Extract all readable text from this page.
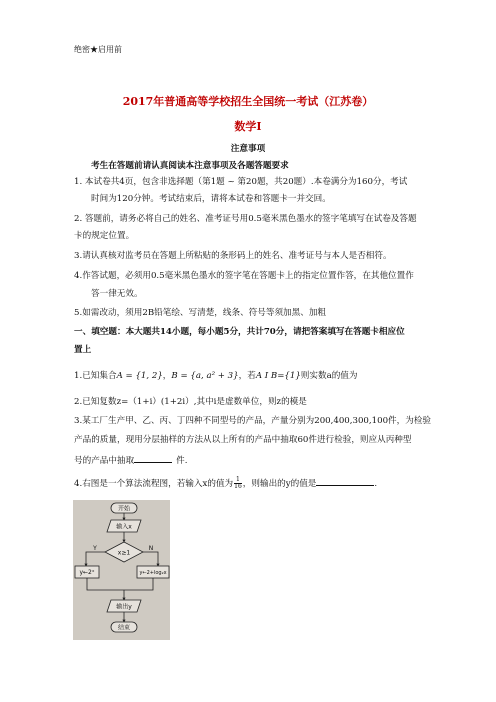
绝密★启用前
2017年普通高等学校招生全国统一考试（江苏卷）
数学Ⅰ
注意事项
考生在答题前请认真阅读本注意事项及各题答题要求
1. 本试卷共4页，包含非选择题（第1题 ~ 第20题，共20题）.本卷满分为160分，考试
时间为120分钟。考试结束后，请将本试卷和答题卡一并交回。
2. 答题前，请务必将自己的姓名、准考证号用0.5毫米黑色墨水的签字笔填写在试卷及答题
卡的规定位置。
3.请认真核对监考员在答题上所粘贴的条形码上的姓名、准考证号与本人是否相符。
4.作答试题，必须用0.5毫米黑色墨水的签字笔在答题卡上的指定位置作答，在其他位置作
答一律无效。
5.如需改动，须用2B铅笔绘、写清楚，线条、符号等须加黑、加粗
一、填空题：本大题共14小题，每小题5分，共计70分，请把答案填写在答题卡相应位
置上
1.已知集合A = {1, 2}，B = {a, a² + 3}，若A I B={1}则实数a的值为
2.已知复数z=（1+i）(1+2i）,其中i是虚数单位，则z的模是
3.某工厂生产甲、乙、丙、丁四种不同型号的产品，产量分别为200,400,300,100件，为检验
产品的质量，现用分层抽样的方法从以上所有的产品中抽取60件进行检验，则应从丙种型
号的产品中抽取	件.
4.右图是一个算法流程图，若输入x的值为 $\frac{1}{16}$ ，则输出的y的值是	.
开始
输入x
x≥1
Y	N
y←2ˣ	y←2+log₂x
输出y
结束
